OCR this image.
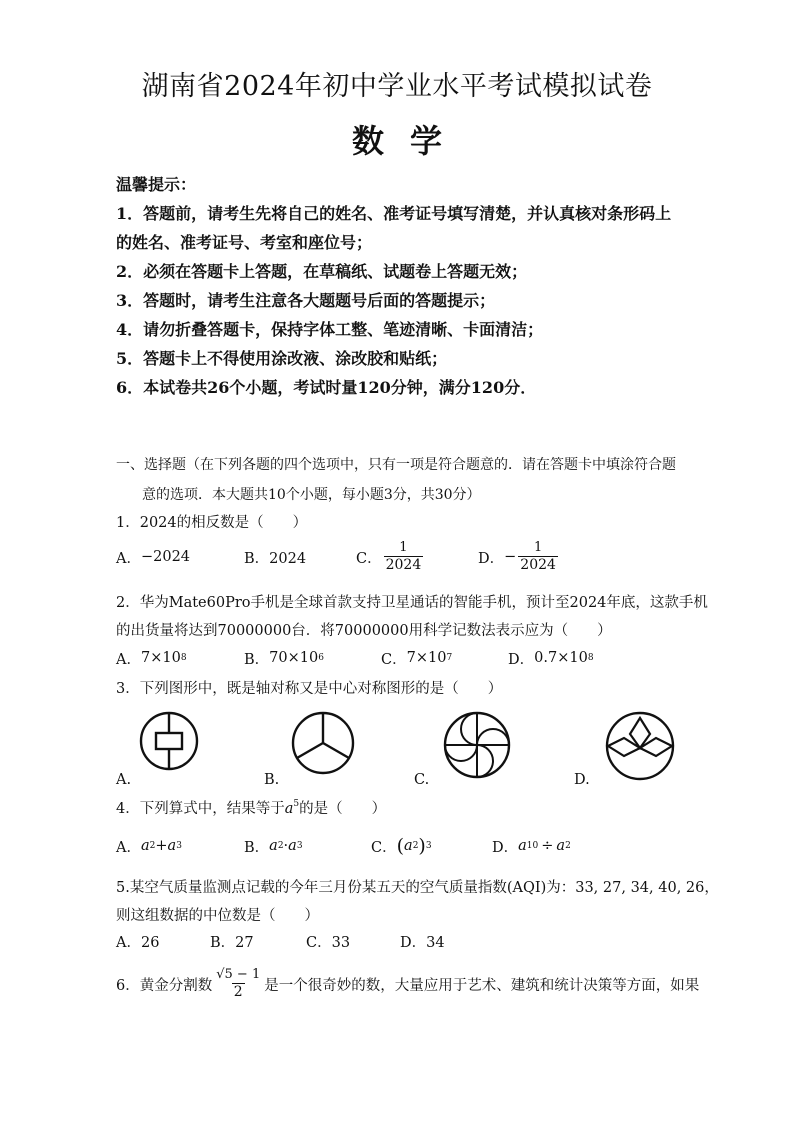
湖南省2024年初中学业水平考试模拟试卷
数学
温馨提示：
1．答题前，请考生先将自己的姓名、准考证号填写清楚，并认真核对条形码上
的姓名、准考证号、考室和座位号；
2．必须在答题卡上答题，在草稿纸、试题卷上答题无效；
3．答题时，请考生注意各大题题号后面的答题提示；
4．请勿折叠答题卡，保持字体工整、笔迹清晰、卡面清洁；
5．答题卡上不得使用涂改液、涂改胶和贴纸；
6．本试卷共26个小题，考试时量120分钟，满分120分．
一、选择题（在下列各题的四个选项中，只有一项是符合题意的．请在答题卡中填涂符合题
意的选项．本大题共10个小题，每小题3分，共30分）
1．2024的相反数是（　　）
A． −2024	B．2024	C． $\frac{1}{2024}$	D． − $\frac{1}{2024}$
2．华为Mate60Pro手机是全球首款支持卫星通话的智能手机，预计至2024年底，这款手机
的出货量将达到70000000台．将70000000用科学记数法表示应为（　　）
A． 7×10 8	B． 70×10 6	C． 7×10 7	D． 0.7×10 8
3．下列图形中，既是轴对称又是中心对称图形的是（　　）
A.	B.	C.	D.
4．下列算式中，结果等于$a^5$的是（　　）
A． a 2 + a 3	B． a 2 · a 3	C． ( a 2 ) 3	D． a 10 ÷ a 2
5.某空气质量监测点记载的今年三月份某五天的空气质量指数(AQI)为：33, 27, 34, 40, 26，
则这组数据的中位数是（　　）
A．26	B．27	C．33	D．34
6．黄金分割数 $\frac{√5 - 1}{2}$ 是一个很奇妙的数，大量应用于艺术、建筑和统计决策等方面，如果
